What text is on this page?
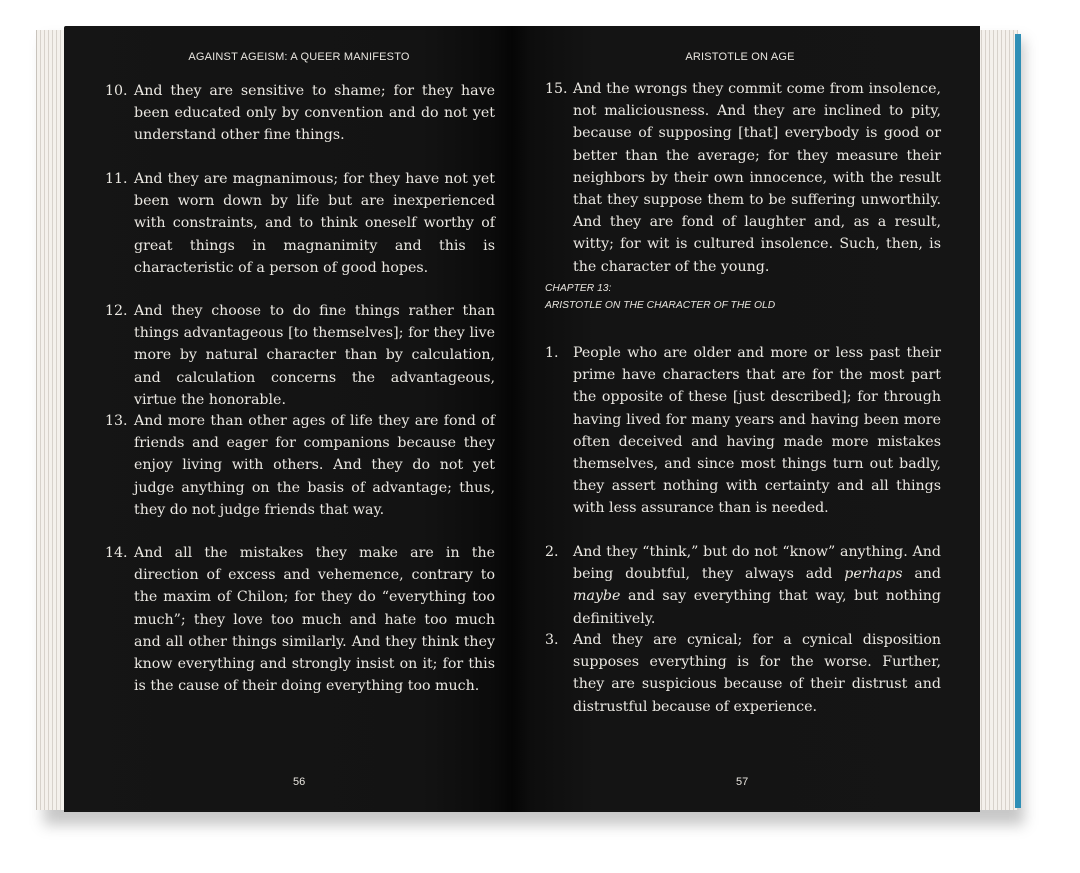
AGAINST AGEISM: A QUEER MANIFESTO
10. And they are sensitive to shame; for they have been educated only by convention and do not yet understand other fine things.
11. And they are magnanimous; for they have not yet been worn down by life but are inexperienced with constraints, and to think oneself worthy of great things in magnanimity and this is characteristic of a person of good hopes.
12. And they choose to do fine things rather than things advantageous [to themselves]; for they live more by natural character than by calculation, and calculation concerns the advantageous, virtue the honorable.
13. And more than other ages of life they are fond of friends and eager for companions because they enjoy living with others. And they do not yet judge anything on the basis of advantage; thus, they do not judge friends that way.
14. And all the mistakes they make are in the direction of excess and vehemence, contrary to the maxim of Chilon; for they do “everything too much”; they love too much and hate too much and all other things similarly. And they think they know everything and strongly insist on it; for this is the cause of their doing everything too much.
56
ARISTOTLE ON AGE
15. And the wrongs they commit come from insolence, not maliciousness. And they are inclined to pity, because of supposing [that] everybody is good or better than the average; for they measure their neighbors by their own innocence, with the result that they suppose them to be suffering unworthily. And they are fond of laughter and, as a result, witty; for wit is cultured insolence. Such, then, is the character of the young.
CHAPTER 13:
ARISTOTLE ON THE CHARACTER OF THE OLD
1. People who are older and more or less past their prime have characters that are for the most part the opposite of these [just described]; for through having lived for many years and having been more often deceived and having made more mistakes themselves, and since most things turn out badly, they assert nothing with certainty and all things with less assurance than is needed.
2. And they “think,” but do not “know” anything. And being doubtful, they always add perhaps and maybe and say everything that way, but nothing definitively.
3. And they are cynical; for a cynical disposition supposes everything is for the worse. Further, they are suspicious because of their distrust and distrustful because of experience.
57
